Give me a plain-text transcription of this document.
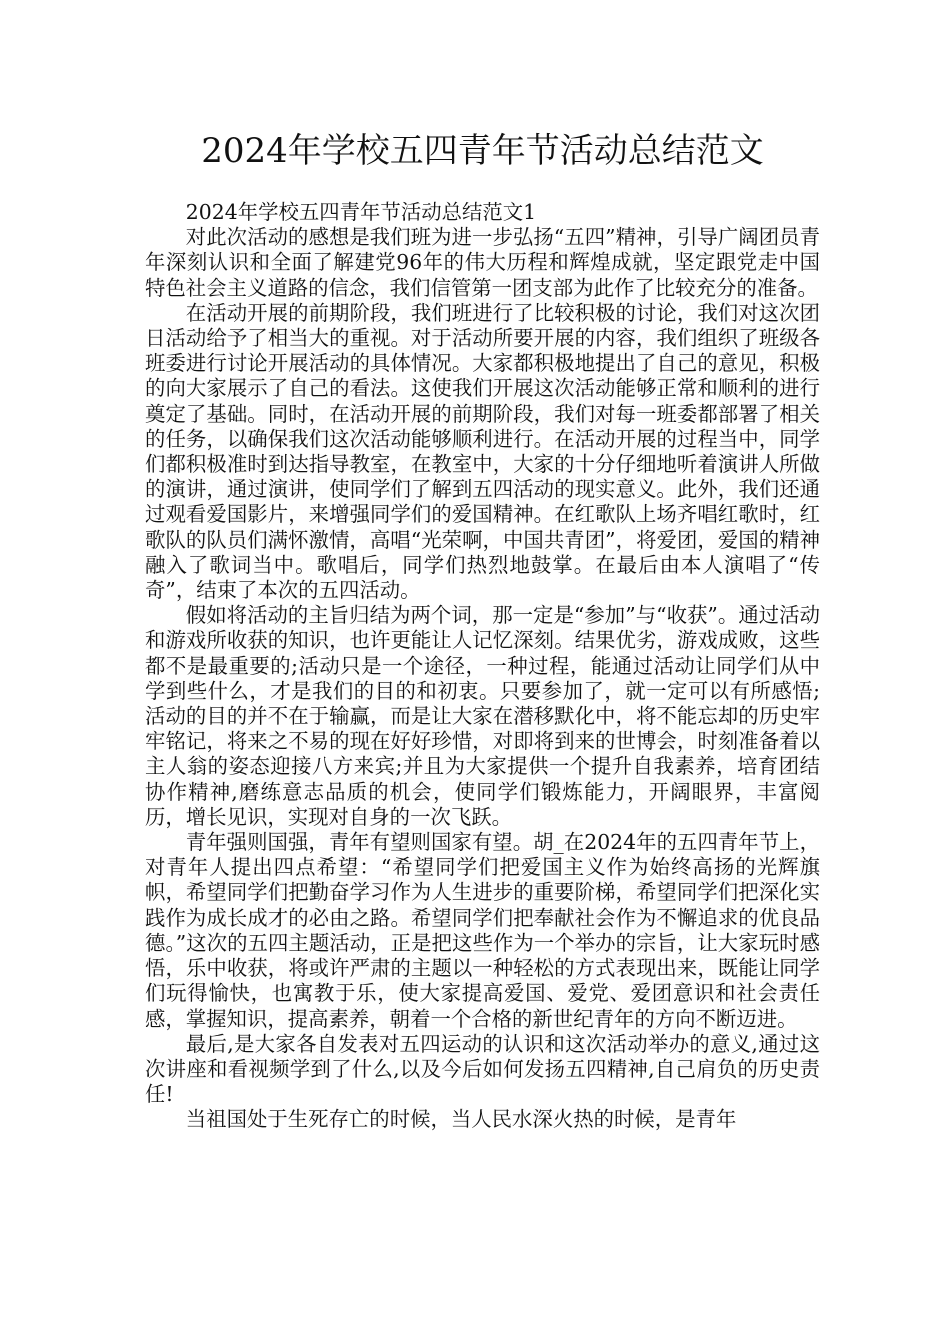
2024年学校五四青年节活动总结范文

2024年学校五四青年节活动总结范文1

对此次活动的感想是我们班为进一步弘扬“五四”精神，引导广阔团员青年深刻认识和全面了解建党96年的伟大历程和辉煌成就，坚定跟党走中国特色社会主义道路的信念，我们信管第一团支部为此作了比较充分的准备。

在活动开展的前期阶段，我们班进行了比较积极的讨论，我们对这次团日活动给予了相当大的重视。对于活动所要开展的内容，我们组织了班级各班委进行讨论开展活动的具体情况。大家都积极地提出了自己的意见，积极的向大家展示了自己的看法。这使我们开展这次活动能够正常和顺利的进行奠定了基础。同时，在活动开展的前期阶段，我们对每一班委都部署了相关的任务，以确保我们这次活动能够顺利进行。在活动开展的过程当中，同学们都积极准时到达指导教室，在教室中，大家的十分仔细地听着演讲人所做的演讲，通过演讲，使同学们了解到五四活动的现实意义。此外，我们还通过观看爱国影片，来增强同学们的爱国精神。在红歌队上场齐唱红歌时，红歌队的队员们满怀激情，高唱“光荣啊，中国共青团”，将爱团，爱国的精神融入了歌词当中。歌唱后，同学们热烈地鼓掌。在最后由本人演唱了“传奇”，结束了本次的五四活动。

假如将活动的主旨归结为两个词，那一定是“参加”与“收获”。通过活动和游戏所收获的知识，也许更能让人记忆深刻。结果优劣，游戏成败，这些都不是最重要的;活动只是一个途径，一种过程，能通过活动让同学们从中学到些什么，才是我们的目的和初衷。只要参加了，就一定可以有所感悟;活动的目的并不在于输赢，而是让大家在潜移默化中，将不能忘却的历史牢牢铭记，将来之不易的现在好好珍惜，对即将到来的世博会，时刻准备着以主人翁的姿态迎接八方来宾;并且为大家提供一个提升自我素养，培育团结协作精神,磨练意志品质的机会，使同学们锻炼能力，开阔眼界，丰富阅历，增长见识，实现对自身的一次飞跃。

青年强则国强，青年有望则国家有望。胡_在2024年的五四青年节上，对青年人提出四点希望：“希望同学们把爱国主义作为始终高扬的光辉旗帜，希望同学们把勤奋学习作为人生进步的重要阶梯，希望同学们把深化实践作为成长成才的必由之路。希望同学们把奉献社会作为不懈追求的优良品德。”这次的五四主题活动，正是把这些作为一个举办的宗旨，让大家玩时感悟，乐中收获，将或许严肃的主题以一种轻松的方式表现出来，既能让同学们玩得愉快，也寓教于乐，使大家提高爱国、爱党、爱团意识和社会责任感，掌握知识，提高素养，朝着一个合格的新世纪青年的方向不断迈进。

最后,是大家各自发表对五四运动的认识和这次活动举办的意义,通过这次讲座和看视频学到了什么,以及今后如何发扬五四精神,自己肩负的历史责任!

当祖国处于生死存亡的时候，当人民水深火热的时候，是青年
